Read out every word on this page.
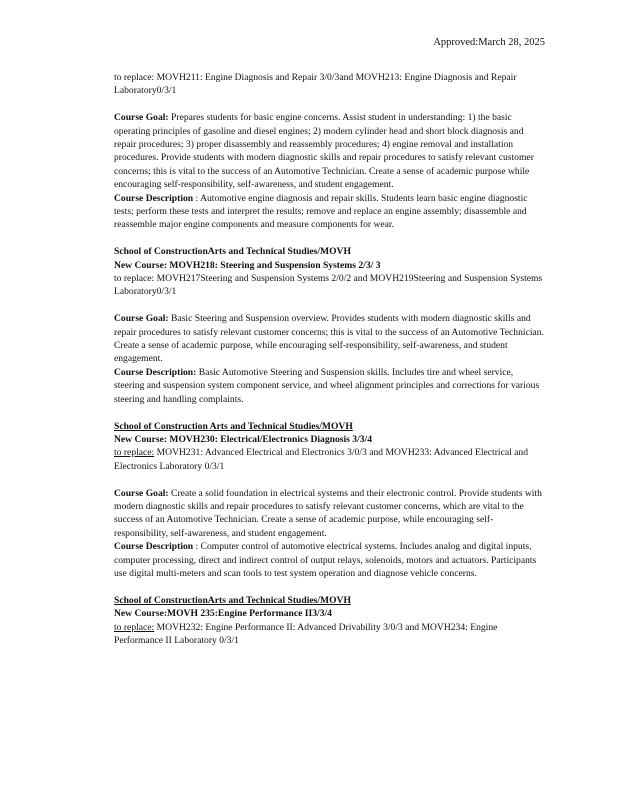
Approved:March 28, 2025

to replace: MOVH211: Engine Diagnosis and Repair 3/0/3and MOVH213: Engine Diagnosis and Repair Laboratory0/3/1

Course Goal: Prepares students for basic engine concerns. Assist student in understanding: 1) the basic operating principles of gasoline and diesel engines; 2) modern cylinder head and short block diagnosis and repair procedures; 3) proper disassembly and reassembly procedures; 4) engine removal and installation procedures. Provide students with modern diagnostic skills and repair procedures to satisfy relevant customer concerns; this is vital to the success of an Automotive Technician. Create a sense of academic purpose while encouraging self-responsibility, self-awareness, and student engagement.

Course Description : Automotive engine diagnosis and repair skills. Students learn basic engine diagnostic tests; perform these tests and interpret the results; remove and replace an engine assembly; disassemble and reassemble major engine components and measure components for wear.

School of ConstructionArts and Technical Studies/MOVH

New Course: MOVH218: Steering and Suspension Systems 2/3/ 3

to replace: MOVH217Steering and Suspension Systems 2/0/2 and MOVH219Steering and Suspension Systems Laboratory0/3/1

Course Goal: Basic Steering and Suspension overview. Provides students with modern diagnostic skills and repair procedures to satisfy relevant customer concerns; this is vital to the success of an Automotive Technician. Create a sense of academic purpose, while encouraging self-responsibility, self-awareness, and student engagement.

Course Description: Basic Automotive Steering and Suspension skills. Includes tire and wheel service, steering and suspension system component service, and wheel alignment principles and corrections for various steering and handling complaints.

School of Construction Arts and Technical Studies/MOVH

New Course: MOVH230: Electrical/Electronics Diagnosis 3/3/4

to replace: MOVH231: Advanced Electrical and Electronics 3/0/3 and MOVH233: Advanced Electrical and Electronics Laboratory 0/3/1

Course Goal: Create a solid foundation in electrical systems and their electronic control. Provide students with modern diagnostic skills and repair procedures to satisfy relevant customer concerns, which are vital to the success of an Automotive Technician. Create a sense of academic purpose, while encouraging self-responsibility, self-awareness, and student engagement.

Course Description : Computer control of automotive electrical systems. Includes analog and digital inputs, computer processing, direct and indirect control of output relays, solenoids, motors and actuators. Participants use digital multi-meters and scan tools to test system operation and diagnose vehicle concerns.

School of ConstructionArts and Technical Studies/MOVH

New Course:MOVH 235:Engine Performance II3/3/4

to replace: MOVH232: Engine Performance II: Advanced Drivability 3/0/3 and MOVH234: Engine Performance II Laboratory 0/3/1
